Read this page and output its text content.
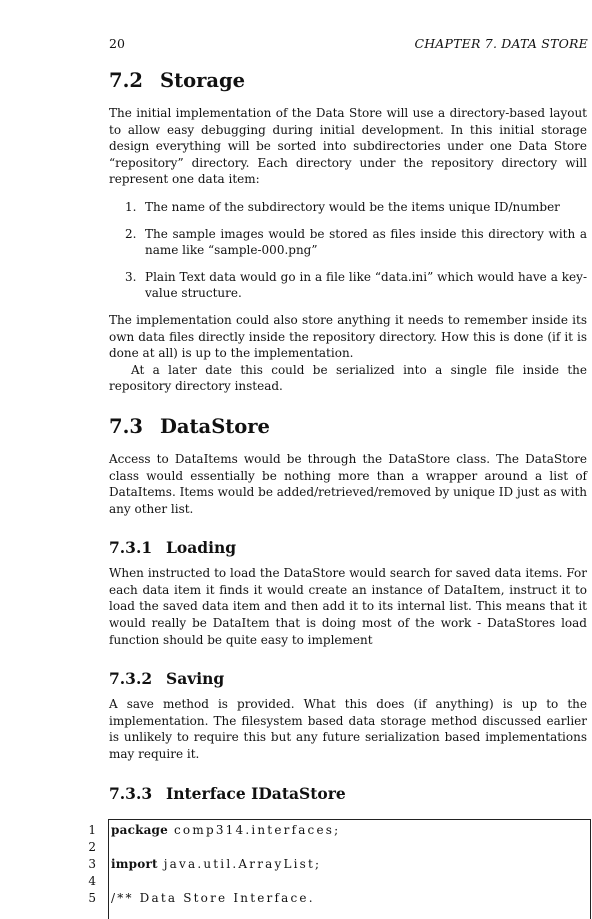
20	CHAPTER 7. DATA STORE
7.2 Storage

The initial implementation of the Data Store will use a directory-based layout to allow easy debugging during initial development. In this initial storage design everything will be sorted into subdirectories under one Data Store “repository” directory. Each directory under the repository directory will represent one data item:

1. The name of the subdirectory would be the items unique ID/number
2. The sample images would be stored as files inside this directory with a name like “sample-000.png”
3. Plain Text data would go in a file like “data.ini” which would have a key-value structure.

The implementation could also store anything it needs to remember inside its own data files directly inside the repository directory. How this is done (if it is done at all) is up to the implementation.

At a later date this could be serialized into a single file inside the repository directory instead.

7.3 DataStore

Access to DataItems would be through the DataStore class. The DataStore class would essentially be nothing more than a wrapper around a list of DataItems. Items would be added/retrieved/removed by unique ID just as with any other list.

7.3.1 Loading

When instructed to load the DataStore would search for saved data items. For each data item it finds it would create an instance of DataItem, instruct it to load the saved data item and then add it to its internal list. This means that it would really be DataItem that is doing most of the work - DataStores load function should be quite easy to implement

7.3.2 Saving

A save method is provided. What this does (if anything) is up to the implementation. The filesystem based data storage method discussed earlier is unlikely to require this but any future serialization based implementations may require it.

7.3.3 Interface IDataStore
1 package comp314.interfaces;
2
3 import java.util.ArrayList;
4
5 /** Data Store Interface.
